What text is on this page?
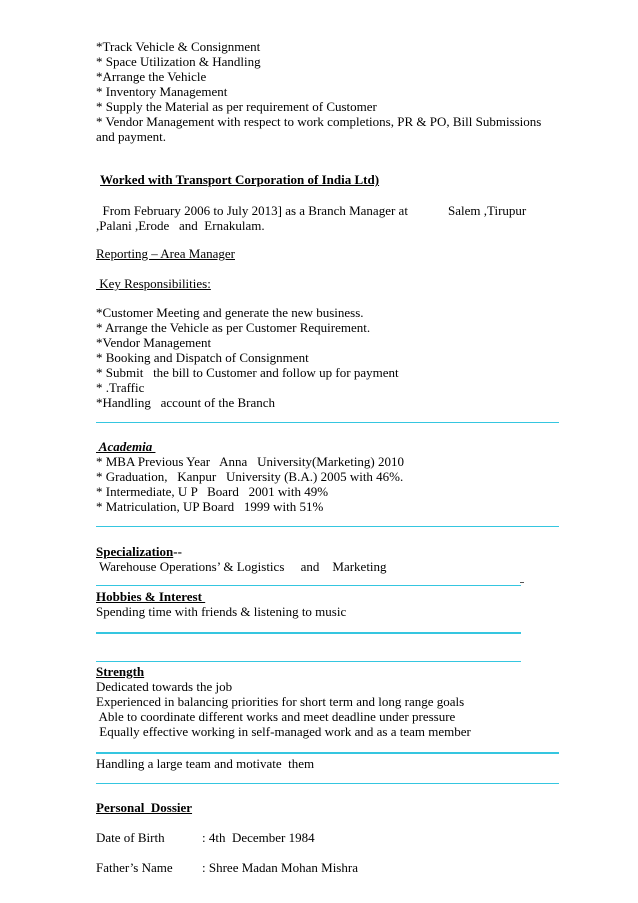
*Track Vehicle & Consignment
* Space Utilization & Handling
*Arrange the Vehicle
* Inventory Management
* Supply the Material as per requirement of Customer
* Vendor Management with respect to work completions, PR & PO, Bill Submissions
and payment.
Worked with Transport Corporation of India Ltd)
From February 2006 to July 2013] as a Branch Manager at	Salem ,Tirupur
,Palani ,Erode   and  Ernakulam.
Reporting – Area Manager
Key Responsibilities:
*Customer Meeting and generate the new business.
* Arrange the Vehicle as per Customer Requirement.
*Vendor Management
* Booking and Dispatch of Consignment
* Submit   the bill to Customer and follow up for payment
* .Traffic
*Handling   account of the Branch
Academia
* MBA Previous Year   Anna   University(Marketing) 2010
* Graduation,   Kanpur   University (B.A.) 2005 with 46%.
* Intermediate, U P   Board   2001 with 49%
* Matriculation, UP Board   1999 with 51%
Specialization--
Warehouse Operations’ & Logistics     and    Marketing
Hobbies & Interest
Spending time with friends & listening to music
Strength
Dedicated towards the job
Experienced in balancing priorities for short term and long range goals
Able to coordinate different works and meet deadline under pressure
Equally effective working in self-managed work and as a team member
Handling a large team and motivate  them
Personal  Dossier
Date of Birth	: 4th  December 1984
Father’s Name : Shree Madan Mohan Mishra
